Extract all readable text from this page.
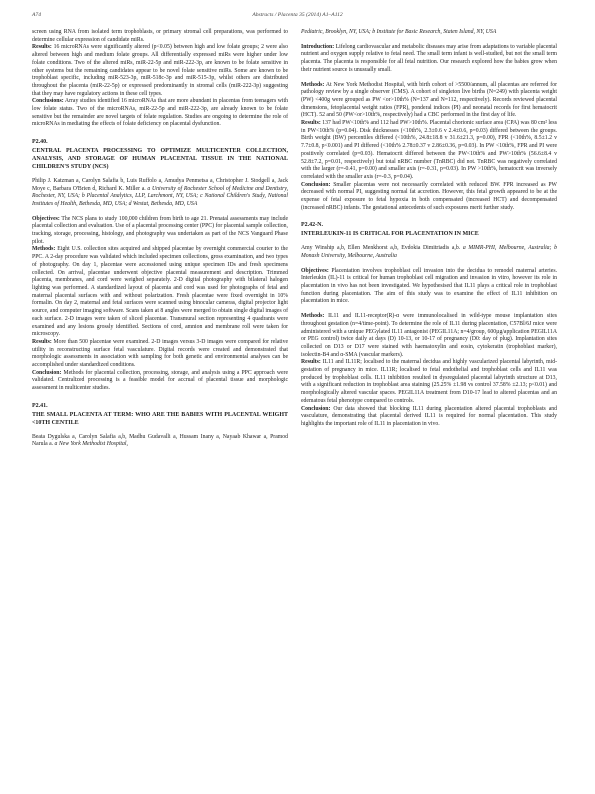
A74	Abstracts / Placenta 35 (2014) A1–A112

screen using RNA from isolated term trophoblasts, or primary stromal cell preparations, was performed to determine cellular expression of candidate miRs.

Results: 16 microRNAs were significantly altered (p<0.05) between high and low folate groups; 2 were also altered between high and medium folate groups. All differentially expressed miRs were higher under low folate conditions. Two of the altered miRs, miR-22-5p and miR-222-3p, are known to be folate sensitive in other systems but the remaining candidates appear to be novel folate sensitive miRs. Some are known to be trophoblast specific, including miR-523-3p, miR-518c-3p and miR-515-3p, whilst others are distributed throughout the placenta (miR-22-5p) or expressed predominantly in stromal cells (miR-222-3p) suggesting that they may have regulatory actions in these cell types.

Conclusions: Array studies identified 16 microRNAs that are more abundant in placentas from teenagers with low folate status. Two of the microRNAs, miR-22-5p and miR-222-3p, are already known to be folate sensitive but the remainder are novel targets of folate regulation. Studies are ongoing to determine the role of microRNAs in mediating the effects of folate deficiency on placental dysfunction.

P2.40.

CENTRAL PLACENTA PROCESSING TO OPTIMIZE MULTICENTER COLLECTION, ANALYSIS, AND STORAGE OF HUMAN PLACENTAL TISSUE IN THE NATIONAL CHILDREN'S STUDY (NCS)

Philip J. Katzman a, Carolyn Salafia b, Luis Ruffolo a, Amudya Penmetsa a, Christopher J. Stodgell a, Jack Moye c, Barbara O'Brien d, Richard K. Miller a. a University of Rochester School of Medicine and Dentistry, Rochester, NY, USA; b Placental Analytics, LLP, Larchmont, NY, USA; c National Children's Study, National Institutes of Health, Bethesda, MD, USA; d Westat, Bethesda, MD, USA

Objectives: The NCS plans to study 100,000 children from birth to age 21. Prenatal assessments may include placental collection and evaluation. Use of a placental processing center (PPC) for placental sample collection, tracking, storage, processing, histology, and photography was undertaken as part of the NCS Vanguard Phase pilot.

Methods: Eight U.S. collection sites acquired and shipped placentae by overnight commercial courier to the PPC. A 2-day procedure was validated which included specimen collections, gross examination, and two types of photography. On day 1, placentae were accessioned using unique specimen IDs and fresh specimens collected. On arrival, placentae underwent objective placental measurement and description. Trimmed placenta, membranes, and cord were weighed separately. 2-D digital photography with bilateral halogen lighting was performed. A standardized layout of placenta and cord was used for photographs of fetal and maternal placental surfaces with and without polarization. Fresh placentae were fixed overnight in 10% formalin. On day 2, maternal and fetal surfaces were scanned using binocular cameras, digital projector light source, and computer imaging software. Scans taken at 8 angles were merged to obtain single digital images of each surface. 2-D images were taken of sliced placentae. Transmural section representing 4 quadrants were examined and any lesions grossly identified. Sections of cord, amnion and membrane roll were taken for microscopy.

Results: More than 500 placentae were examined. 2-D images versus 3-D images were compared for relative utility in reconstructing surface fetal vasculature. Digital records were created and demonstrated that morphologic assessments in association with sampling for both genetic and environmental analyses can be accomplished under standardized conditions.

Conclusion: Methods for placental collection, processing, storage, and analysis using a PPC approach were validated. Centralized processing is a feasible model for accrual of placental tissue and morphologic assessment in multicenter studies.

P2.41.

THE SMALL PLACENTA AT TERM: WHO ARE THE BABIES WITH PLACENTAL WEIGHT <10TH CENTILE

Beata Dygulska a, Carolyn Salafia a,b, Madhu Gudavalli a, Hussam Inany a, Nayaab Khawar a, Pramod Narula a. a New York Methodist Hospital,

Pediatric, Brooklyn, NY, USA; b Institute for Basic Research, Staten Island, NY, USA

Introduction: Lifelong cardiovascular and metabolic diseases may arise from adaptations to variable placental nutrient and oxygen supply relative to fetal need. The small term infant is well-studied, but not the small term placenta. The placenta is responsible for all fetal nutrition. Our research explored how the babies grow when their nutrient source is unusually small.

Methods: At New York Methodist Hospital, with birth cohort of >5500/annum, all placentas are referred for pathology review by a single observer (CMS). A cohort of singleton live births (N=249) with placenta weight (PW) <400g were grouped as PW <or>10th% (N=137 and N=112, respectively). Records reviewed placental dimensions, fetoplacental weight ratios (FPR), ponderal indices (PI) and neonatal records for first hematocrit (HCT). 52 and 50 (PW<or>10th%, respectively) had a CBC performed in the first day of life.

Results: 137 had PW<10th% and 112 had PW>10th%. Placental chorionic surface area (CPA) was 80 cm² less in PW<10th% (p=0.04). Disk thicknesses (<10th%, 2.3±0.6 v 2.4±0.6, p=0.03) differed between the groups. Birth weight (BW) percentiles differed (<10th%, 24.8±18.8 v 31.6±21.3, p=0.00), FPR (<10th%, 8.5±1.2 v 7.7±0.8, p<0.001) and PI differed (<10th% 2.78±0.37 v 2.86±0.36, p=0.03). In PW <10th%, FPR and PI were positively correlated (p=0.03). Hematocrit differed between the PW<10th% and PW>10th% (56.6±8.4 v 52.8±7.2, p=0.01, respectively) but total nRBC number (TnRBC) did not. TnRBC was negatively correlated with the larger (r=-0.41, p=0.00) and smaller axis (r=-0.31, p=0.03). In PW >10th%, hematocrit was inversely correlated with the smaller axis (r=-0.3, p=0.04).

Conclusion: Smaller placentas were not necessarily correlated with reduced BW. FPR increased as PW decreased with normal PI, suggesting normal fat accretion. However, this fetal growth appeared to be at the expense of fetal exposure to fetal hypoxia in both compensated (increased HCT) and decompensated (increased nRBC) infants. The gestational antecedents of such exposures merit further study.

P2.42-N.

INTERLEUKIN-11 IS CRITICAL FOR PLACENTATION IN MICE

Amy Winship a,b, Ellen Menkhorst a,b, Evdokia Dimitriadis a,b. a MIMR-PHI, Melbourne, Australia; b Monash University, Melbourne, Australia

Objectives: Placentation involves trophoblast cell invasion into the decidua to remodel maternal arteries. Interleukin (IL)-11 is critical for human trophoblast cell migration and invasion in vitro, however its role in placentation in vivo has not been investigated. We hypothesised that IL11 plays a critical role in trophoblast function during placentation. The aim of this study was to examine the effect of IL11 inhibition on placentation in mice.

Methods: IL11 and IL11-receptor(R)-α were immunolocalised in wild-type mouse implantation sites throughout gestation (n=4/time-point). To determine the role of IL11 during placentation, C57Bl/6J mice were administered with a unique PEGylated IL11 antagonist (PEGIL11A; n=4/group, 600µg/application PEGIL11A or PEG control) twice daily at days (D) 10-13, or 10-17 of pregnancy (D0: day of plug). Implantation sites collected on D13 or D17 were stained with haematoxylin and eosin, cytokeratin (trophoblast marker), isolectin-B4 and α-SMA (vascular markers).

Results: IL11 and IL11R; localised to the maternal decidua and highly vascularized placental labyrinth, mid-gestation of pregnancy in mice. IL11R; localised to fetal endothelial and trophoblast cells and IL11 was produced by trophoblast cells. IL11 inhibition resulted in dysregulated placental labyrinth structure at D13, with a significant reduction in trophoblast area staining (25.25% ±1.98 vs control 37.58% ±2.13; p<0.01) and morphologically altered vascular spaces. PEGIL11A treatment from D10-17 lead to altered placentas and an edematous fetal phenotype compared to controls.

Conclusion: Our data showed that blocking IL11 during placentation altered placental trophoblasts and vasculature, demonstrating that placental derived IL11 is required for normal placentation. This study highlights the important role of IL11 in placentation in vivo.
